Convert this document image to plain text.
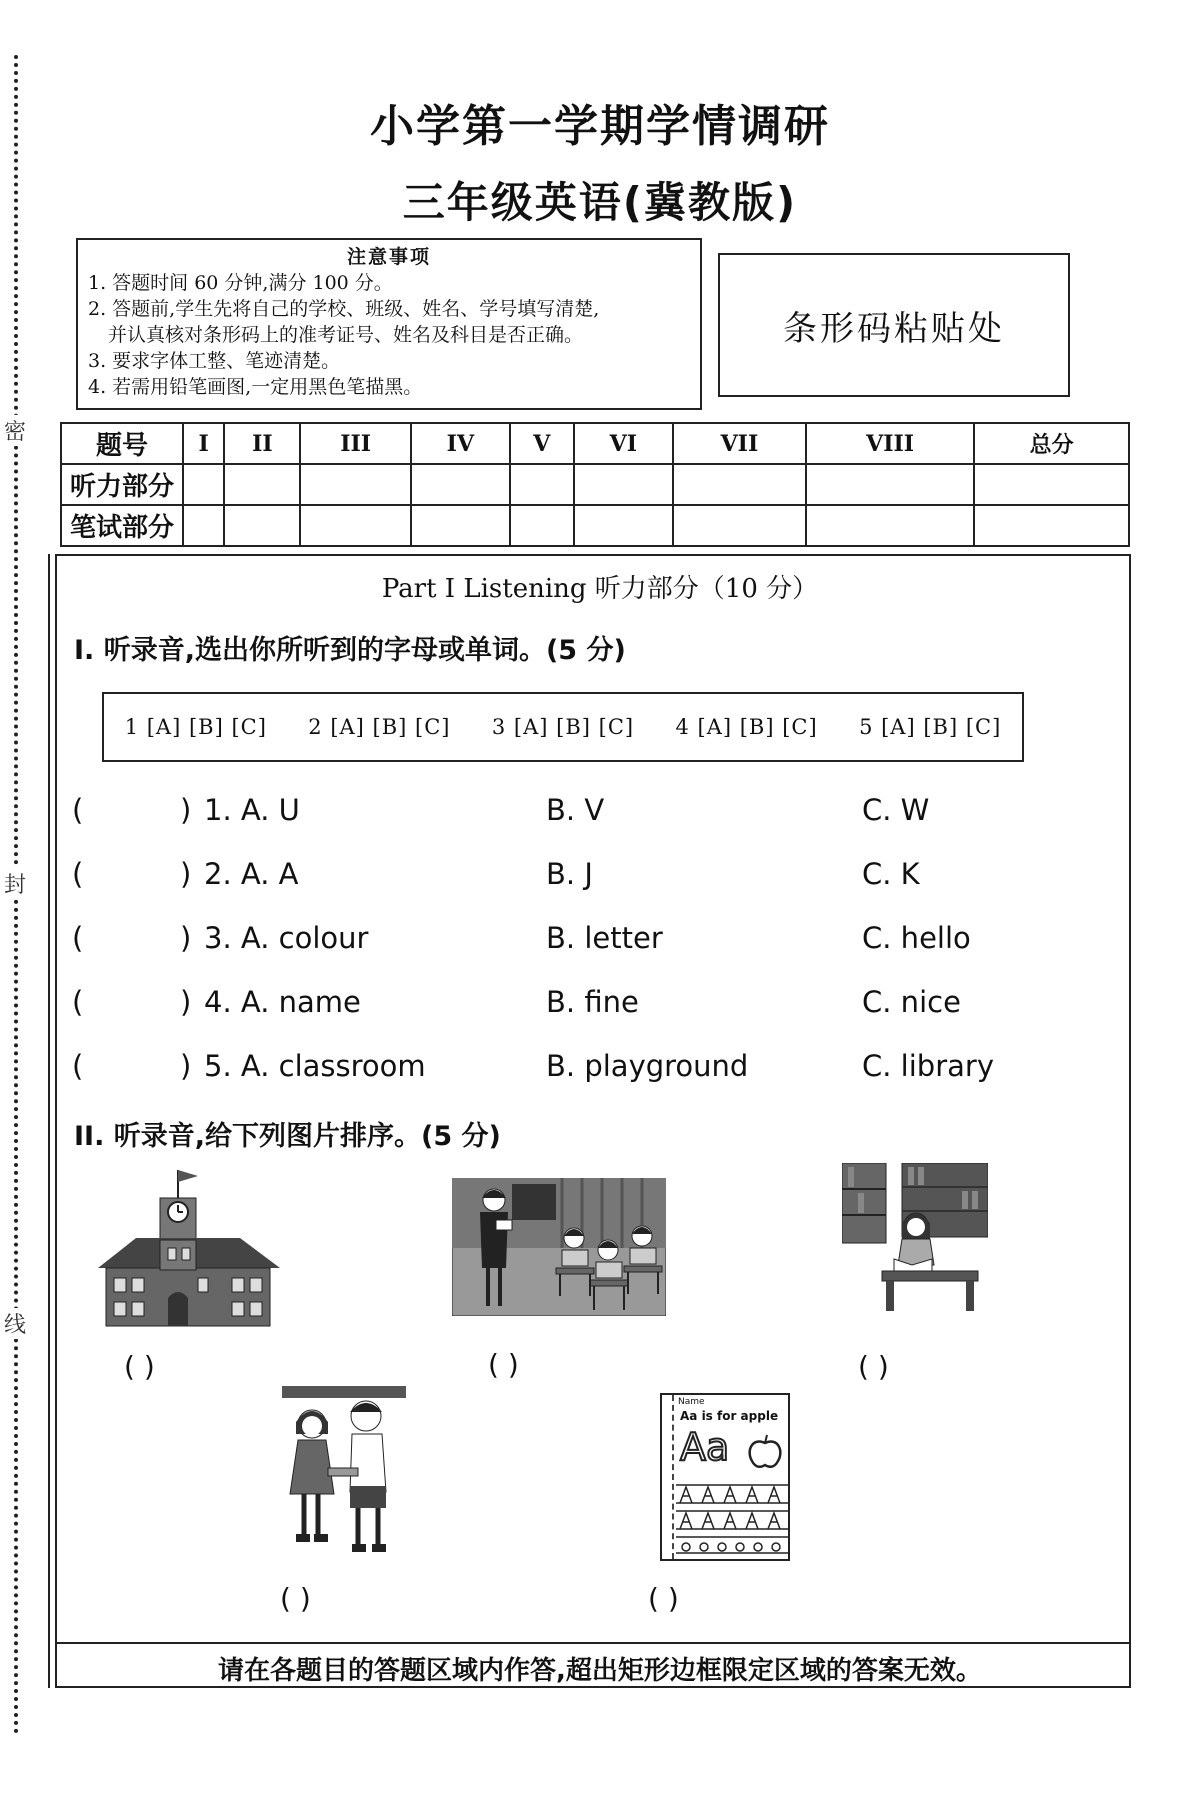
密
封
线
小学第一学期学情调研
三年级英语(冀教版)
注意事项
1. 答题时间 60 分钟,满分 100 分。
2. 答题前,学生先将自己的学校、班级、姓名、学号填写清楚,
并认真核对条形码上的准考证号、姓名及科目是否正确。
3. 要求字体工整、笔迹清楚。
4. 若需用铅笔画图,一定用黑色笔描黑。
条形码粘贴处
题号	I	II	III	IV	V	VI	VII	VIII	总分
听力部分									
笔试部分									
Part I Listening 听力部分（10 分）
I. 听录音,选出你所听到的字母或单词。(5 分)
1 [A] [B] [C] 2 [A] [B] [C] 3 [A] [B] [C] 4 [A] [B] [C] 5 [A] [B] [C]
(	) 1. A. U	B. V	C. W
(	) 2. A. A	B. J	C. K
(	) 3. A. colour	B. letter	C. hello
(	) 4. A. name	B. fine	C. nice
(	) 5. A. classroom	B. playground	C. library
II. 听录音,给下列图片排序。(5 分)
( )	( )	( )
( )
Name
Aa is for apple
Aa
( )
请在各题目的答题区域内作答,超出矩形边框限定区域的答案无效。
